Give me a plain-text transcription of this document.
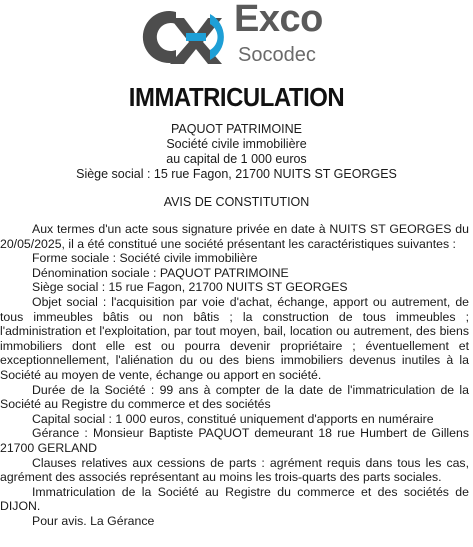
Exco
Socodec
IMMATRICULATION
PAQUOT PATRIMOINE
Société civile immobilière
au capital de 1 000 euros
Siège social : 15 rue Fagon, 21700 NUITS ST GEORGES
AVIS DE CONSTITUTION

Aux termes d'un acte sous signature privée en date à NUITS ST GEORGES du 20/05/2025, il a été constitué une société présentant les caractéristiques suivantes :

Forme sociale : Société civile immobilière

Dénomination sociale : PAQUOT PATRIMOINE

Siège social : 15 rue Fagon, 21700 NUITS ST GEORGES

Objet social : l'acquisition par voie d'achat, échange, apport ou autrement, de tous immeubles bâtis ou non bâtis ; la construction de tous immeubles ; l'administration et l'exploitation, par tout moyen, bail, location ou autrement, des biens immobiliers dont elle est ou pourra devenir propriétaire ; éventuellement et exceptionnellement, l'aliénation du ou des biens immobiliers devenus inutiles à la Société au moyen de vente, échange ou apport en société.

Durée de la Société : 99 ans à compter de la date de l'immatriculation de la Société au Registre du commerce et des sociétés

Capital social : 1 000 euros, constitué uniquement d'apports en numéraire

Gérance : Monsieur Baptiste PAQUOT demeurant 18 rue Humbert de Gillens 21700 GERLAND

Clauses relatives aux cessions de parts : agrément requis dans tous les cas, agrément des associés représentant au moins les trois-quarts des parts sociales.

Immatriculation de la Société au Registre du commerce et des sociétés de DIJON.

Pour avis. La Gérance
